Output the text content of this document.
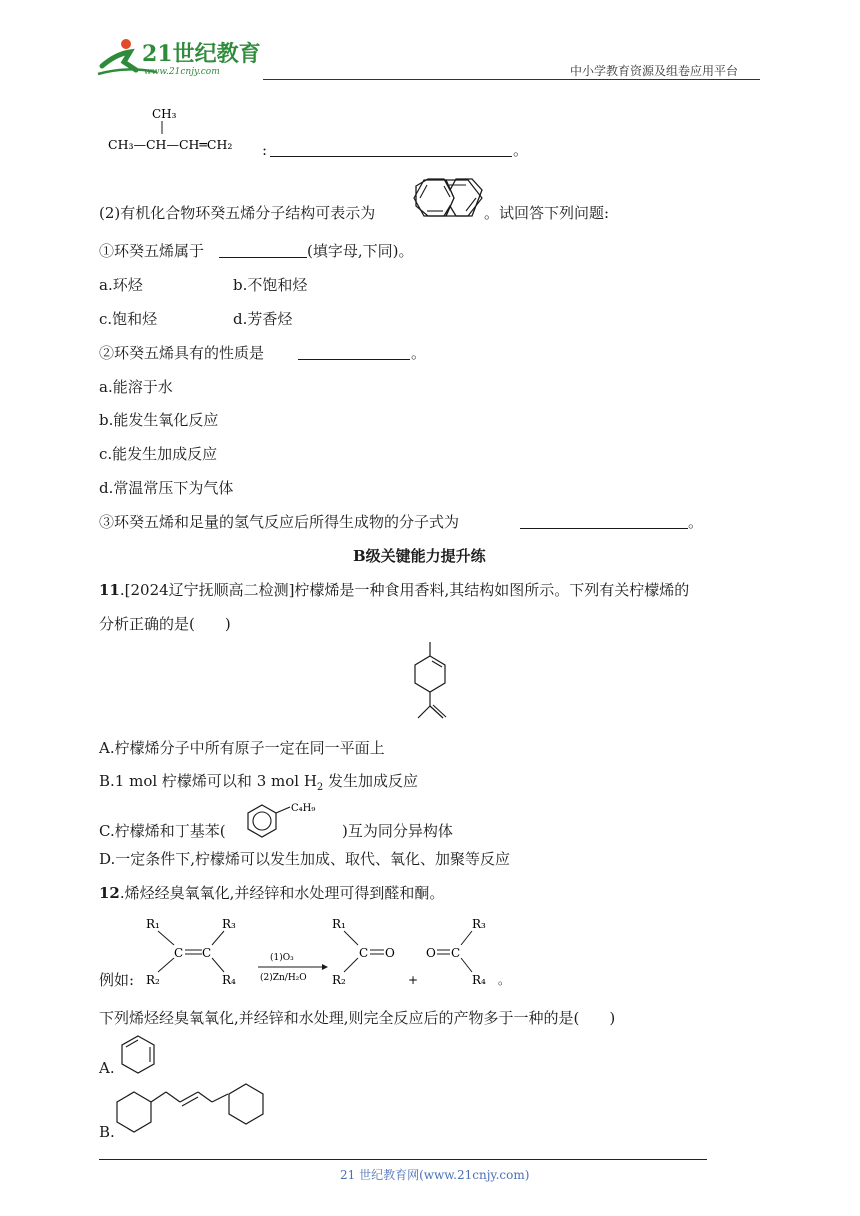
21世纪教育
www.21cnjy.com	中小学教育资源及组卷应用平台
CH₃
CH₃—CH—CH═CH₂ :	。
(2)有机化合物环癸五烯分子结构可表示为	。试回答下列问题:
①环癸五烯属于	(填字母,下同)。
a.环烃	b.不饱和烃
c.饱和烃	d.芳香烃
②环癸五烯具有的性质是	。
a.能溶于水
b.能发生氧化反应
c.能发生加成反应
d.常温常压下为气体
③环癸五烯和足量的氢气反应后所得生成物的分子式为	。
B级关键能力提升练
11.[2024辽宁抚顺高二检测]柠檬烯是一种食用香料,其结构如图所示。下列有关柠檬烯的
分析正确的是(　　)
A.柠檬烯分子中所有原子一定在同一平面上
B.1 mol 柠檬烯可以和 3 mol $H_2$ 发生加成反应
C.柠檬烯和丁基苯(
C₄H₉
)互为同分异构体
D.一定条件下,柠檬烯可以发生加成、取代、氧化、加聚等反应
12.烯烃经臭氧氧化,并经锌和水处理可得到醛和酮。
例如:
R₁
R₂
R₃
R₄
C C	(1)O₃
(2)Zn/H₂O
R₁
R₂
C O
+
O C
R₃
R₄ 。
下列烯烃经臭氧氧化,并经锌和水处理,则完全反应后的产物多于一种的是(　　)
A.
B.
21 世纪教育网(www.21cnjy.com)
